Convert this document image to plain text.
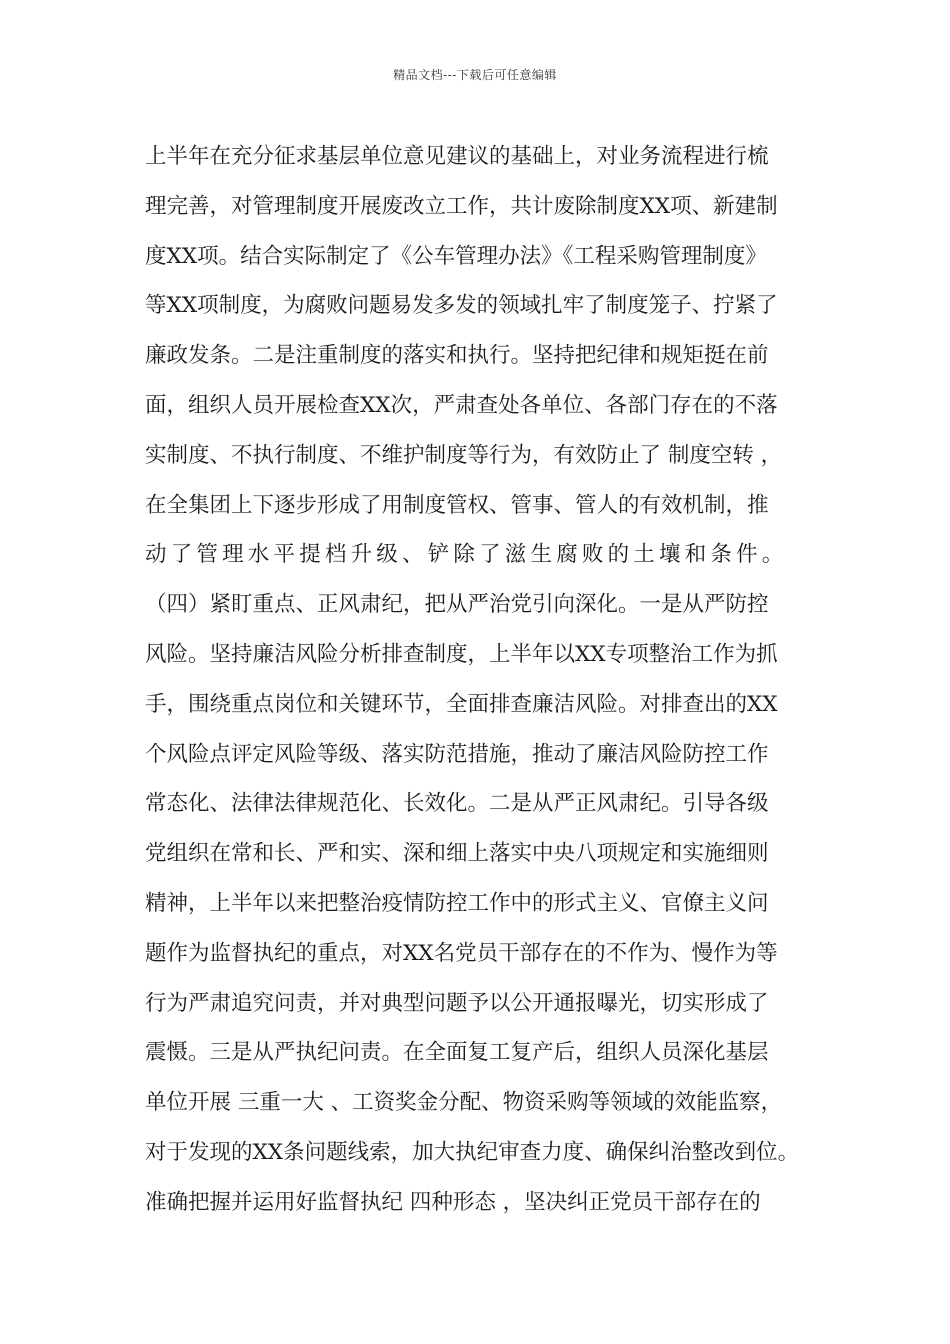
精品文档---下载后可任意编辑
上半年在充分征求基层单位意见建议的基础上，对业务流程进行梳
理完善，对管理制度开展废改立工作，共计废除制度XX项、新建制
度XX项。结合实际制定了《公车管理办法》《工程采购管理制度》
等XX项制度，为腐败问题易发多发的领域扎牢了制度笼子、拧紧了
廉政发条。二是注重制度的落实和执行。坚持把纪律和规矩挺在前
面，组织人员开展检查XX次，严肃查处各单位、各部门存在的不落
实制度、不执行制度、不维护制度等行为，有效防止了 制度空转 ，
在全集团上下逐步形成了用制度管权、管事、管人的有效机制，推
动了管理水平提档升级、铲除了滋生腐败的土壤和条件。
（四）紧盯重点、正风肃纪，把从严治党引向深化。一是从严防控
风险。坚持廉洁风险分析排查制度，上半年以XX专项整治工作为抓
手，围绕重点岗位和关键环节，全面排查廉洁风险。对排查出的XX
个风险点评定风险等级、落实防范措施，推动了廉洁风险防控工作
常态化、法律法律规范化、长效化。二是从严正风肃纪。引导各级
党组织在常和长、严和实、深和细上落实中央八项规定和实施细则
精神，上半年以来把整治疫情防控工作中的形式主义、官僚主义问
题作为监督执纪的重点，对XX名党员干部存在的不作为、慢作为等
行为严肃追究问责，并对典型问题予以公开通报曝光，切实形成了
震慑。三是从严执纪问责。在全面复工复产后，组织人员深化基层
单位开展 三重一大 、工资奖金分配、物资采购等领域的效能监察，
对于发现的XX条问题线索，加大执纪审查力度、确保纠治整改到位。
准确把握并运用好监督执纪 四种形态 ，坚决纠正党员干部存在的
